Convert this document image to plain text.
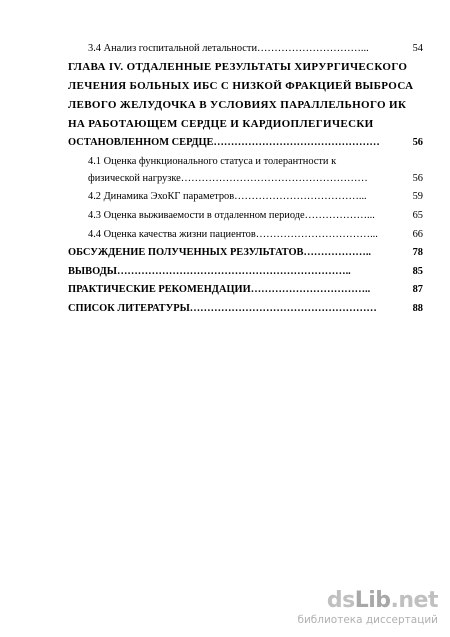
3.4 Анализ госпитальной летальности…………………………...	54
ГЛАВА IV. ОТДАЛЕННЫЕ РЕЗУЛЬТАТЫ ХИРУРГИЧЕСКОГО
ЛЕЧЕНИЯ БОЛЬНЫХ ИБС С НИЗКОЙ ФРАКЦИЕЙ ВЫБРОСА
ЛЕВОГО ЖЕЛУДОЧКА В УСЛОВИЯХ ПАРАЛЛЕЛЬНОГО ИК
НА РАБОТАЮЩЕМ СЕРДЦЕ И КАРДИОПЛЕГИЧЕСКИ
ОСТАНОВЛЕННОМ СЕРДЦЕ…………………………………………	56
4.1 Оценка функционального статуса и толерантности к
физической нагрузке………………………………………………	56
4.2 Динамика ЭхоКГ параметров………………………………...	59
4.3 Оценка выживаемости в отдаленном периоде………………...	65
4.4 Оценка качества жизни пациентов……………………………...	66
ОБСУЖДЕНИЕ ПОЛУЧЕННЫХ РЕЗУЛЬТАТОВ………………..	78
ВЫВОДЫ…………………………………………………………..	85
ПРАКТИЧЕСКИЕ РЕКОМЕНДАЦИИ……………………………..	87
СПИСОК ЛИТЕРАТУРЫ………………………………………………	88
dsLib.net
библиотека диссертаций
